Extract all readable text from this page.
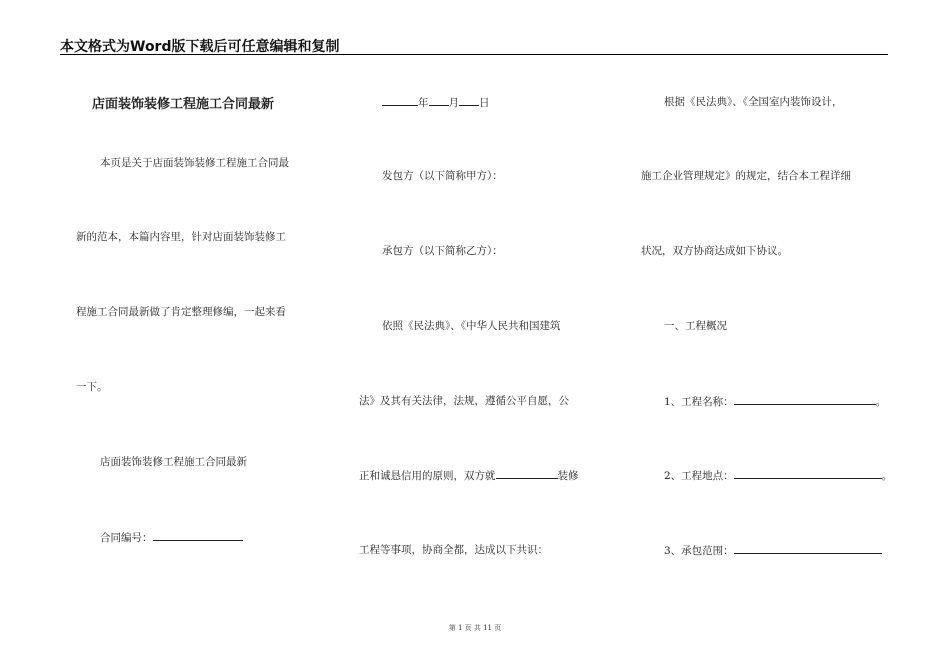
本文格式为Word版下载后可任意编辑和复制
店面装饰装修工程施工合同最新
本页是关于店面装饰装修工程施工合同最
新的范本，本篇内容里，针对店面装饰装修工
程施工合同最新做了肯定整理修编，一起来看
一下。
店面装饰装修工程施工合同最新
合同编号：
年 月 日
发包方（以下简称甲方）：
承包方（以下简称乙方）：
依照《民法典》、《中华人民共和国建筑
法》及其有关法律，法规，遵循公平自愿，公
正和诚恳信用的原则，双方就	装修
工程等事项，协商全都，达成以下共识：
根据《民法典》、《全国室内装饰设计，
施工企业管理规定》的规定，结合本工程详细
状况，双方协商达成如下协议。
一、工程概况
1、工程名称：	。
2、工程地点：	。
3、承包范围：
第 1 页 共 11 页
